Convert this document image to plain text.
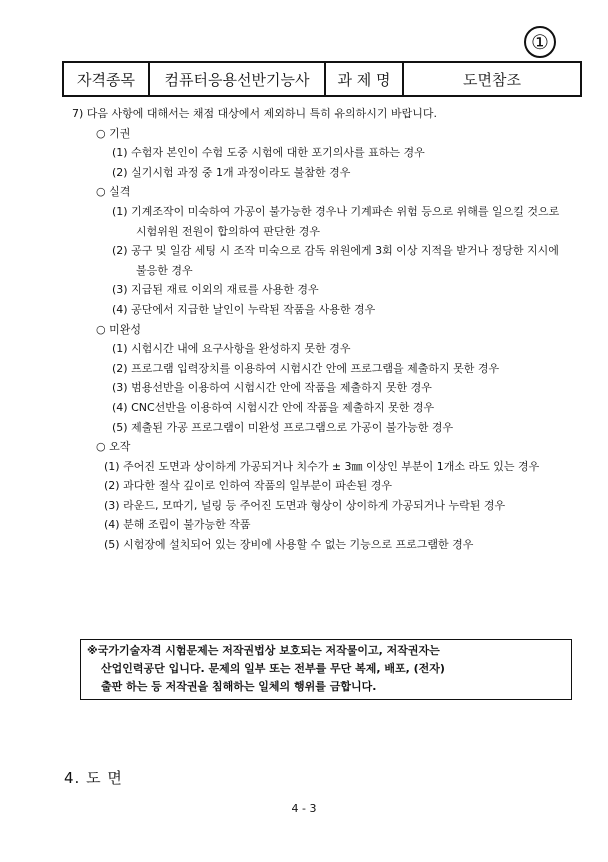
①
자격종목	컴퓨터응용선반기능사	과 제 명	도면참조
7) 다음 사항에 대해서는 채점 대상에서 제외하니 특히 유의하시기 바랍니다.
○ 기권
(1) 수험자 본인이 수험 도중 시험에 대한 포기의사를 표하는 경우
(2) 실기시험 과정 중 1개 과정이라도 불참한 경우
○ 실격
(1) 기계조작이 미숙하여 가공이 불가능한 경우나 기계파손 위험 등으로 위해를 일으킬 것으로 시험위원 전원이 합의하여 판단한 경우
(2) 공구 및 일감 세팅 시 조작 미숙으로 감독 위원에게 3회 이상 지적을 받거나 정당한 지시에 불응한 경우
(3) 지급된 재료 이외의 재료를 사용한 경우
(4) 공단에서 지급한 날인이 누락된 작품을 사용한 경우
○ 미완성
(1) 시험시간 내에 요구사항을 완성하지 못한 경우
(2) 프로그램 입력장치를 이용하여 시험시간 안에 프로그램을 제출하지 못한 경우
(3) 범용선반을 이용하여 시험시간 안에 작품을 제출하지 못한 경우
(4) CNC선반을 이용하여 시험시간 안에 작품을 제출하지 못한 경우
(5) 제출된 가공 프로그램이 미완성 프로그램으로 가공이 불가능한 경우
○ 오작
(1) 주어진 도면과 상이하게 가공되거나 치수가 ± 3㎜ 이상인 부분이 1개소 라도 있는 경우
(2) 과다한 절삭 깊이로 인하여 작품의 일부분이 파손된 경우
(3) 라운드, 모따기, 널링 등 주어진 도면과 형상이 상이하게 가공되거나 누락된 경우
(4) 분해 조립이 불가능한 작품
(5) 시험장에 설치되어 있는 장비에 사용할 수 없는 기능으로 프로그램한 경우

※국가기술자격 시험문제는 저작권법상 보호되는 저작물이고, 저작권자는

산업인력공단 입니다. 문제의 일부 또는 전부를 무단 복제, 배포, (전자)

출판 하는 등 저작권을 침해하는 일체의 행위를 금합니다.

4. 도 면
4 - 3
